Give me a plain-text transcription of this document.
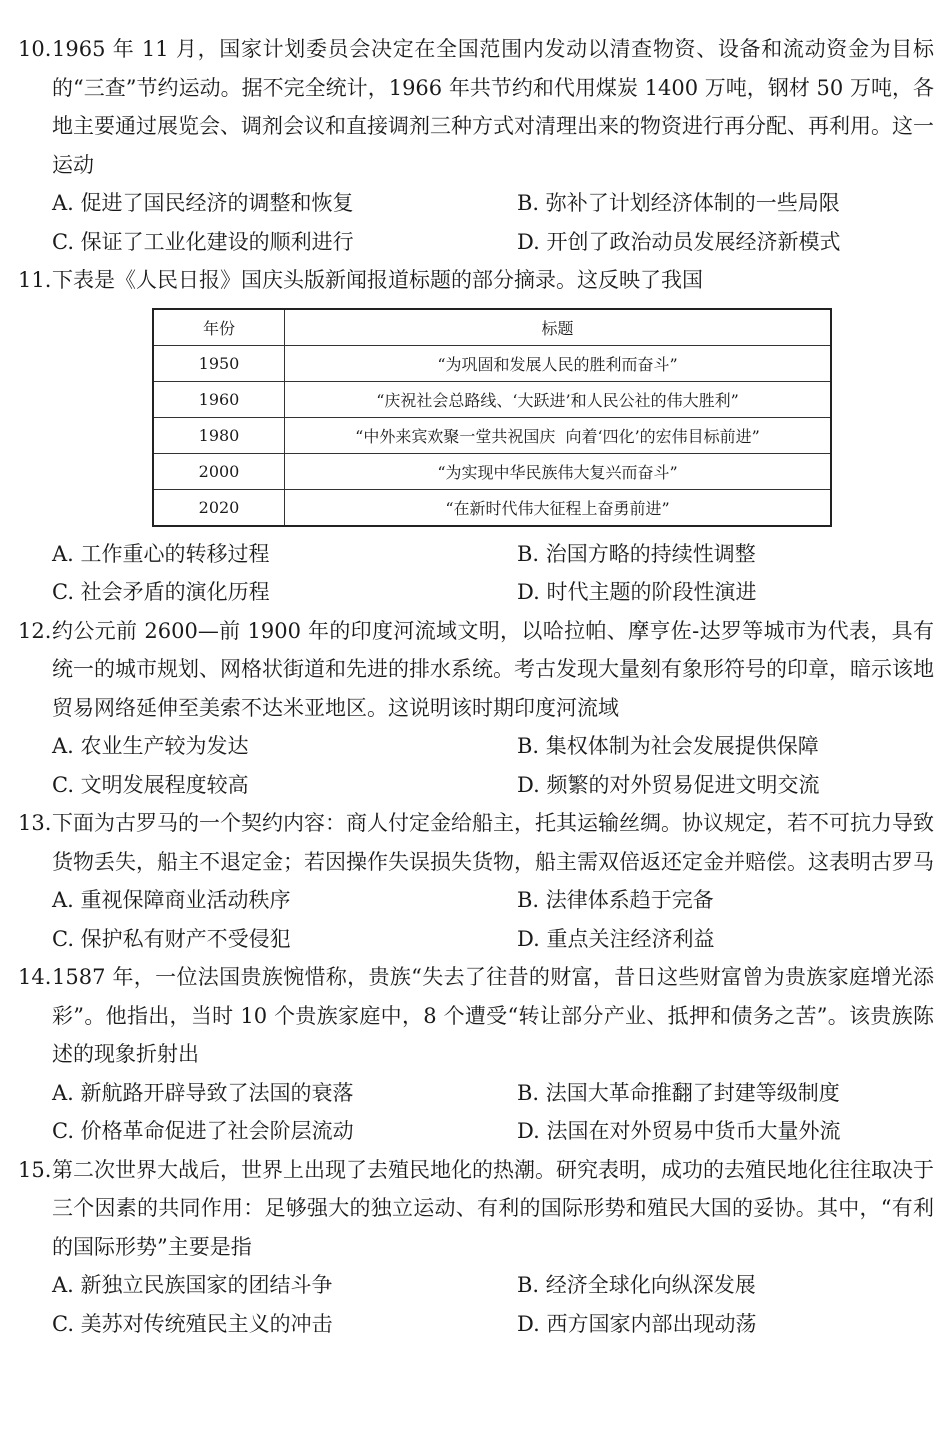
10. 1965 年 11 月，国家计划委员会决定在全国范围内发动以清查物资、设备和流动资金为目标的“三查”节约运动。据不完全统计，1966 年共节约和代用煤炭 1400 万吨，钢材 50 万吨，各地主要通过展览会、调剂会议和直接调剂三种方式对清理出来的物资进行再分配、再利用。这一运动

A. 促进了国民经济的调整和恢复	B. 弥补了计划经济体制的一些局限
C. 保证了工业化建设的顺利进行	D. 开创了政治动员发展经济新模式

11. 下表是《人民日报》国庆头版新闻报道标题的部分摘录。这反映了我国

年份	标题
1950	“为巩固和发展人民的胜利而奋斗”
1960	“庆祝社会总路线、‘大跃进’和人民公社的伟大胜利”
1980	“中外来宾欢聚一堂共祝国庆  向着‘四化’的宏伟目标前进”
2000	“为实现中华民族伟大复兴而奋斗”
2020	“在新时代伟大征程上奋勇前进”
A. 工作重心的转移过程	B. 治国方略的持续性调整
C. 社会矛盾的演化历程	D. 时代主题的阶段性演进

12. 约公元前 2600—前 1900 年的印度河流域文明，以哈拉帕、摩亨佐-达罗等城市为代表，具有统一的城市规划、网格状街道和先进的排水系统。考古发现大量刻有象形符号的印章，暗示该地贸易网络延伸至美索不达米亚地区。这说明该时期印度河流域

A. 农业生产较为发达	B. 集权体制为社会发展提供保障
C. 文明发展程度较高	D. 频繁的对外贸易促进文明交流

13. 下面为古罗马的一个契约内容：商人付定金给船主，托其运输丝绸。协议规定，若不可抗力导致货物丢失，船主不退定金；若因操作失误损失货物，船主需双倍返还定金并赔偿。这表明古罗马

A. 重视保障商业活动秩序	B. 法律体系趋于完备
C. 保护私有财产不受侵犯	D. 重点关注经济利益

14. 1587 年，一位法国贵族惋惜称，贵族“失去了往昔的财富，昔日这些财富曾为贵族家庭增光添彩”。他指出，当时 10 个贵族家庭中，8 个遭受“转让部分产业、抵押和债务之苦”。该贵族陈述的现象折射出

A. 新航路开辟导致了法国的衰落	B. 法国大革命推翻了封建等级制度
C. 价格革命促进了社会阶层流动	D. 法国在对外贸易中货币大量外流

15. 第二次世界大战后，世界上出现了去殖民地化的热潮。研究表明，成功的去殖民地化往往取决于三个因素的共同作用：足够强大的独立运动、有利的国际形势和殖民大国的妥协。其中，“有利的国际形势”主要是指

A. 新独立民族国家的团结斗争	B. 经济全球化向纵深发展
C. 美苏对传统殖民主义的冲击	D. 西方国家内部出现动荡
